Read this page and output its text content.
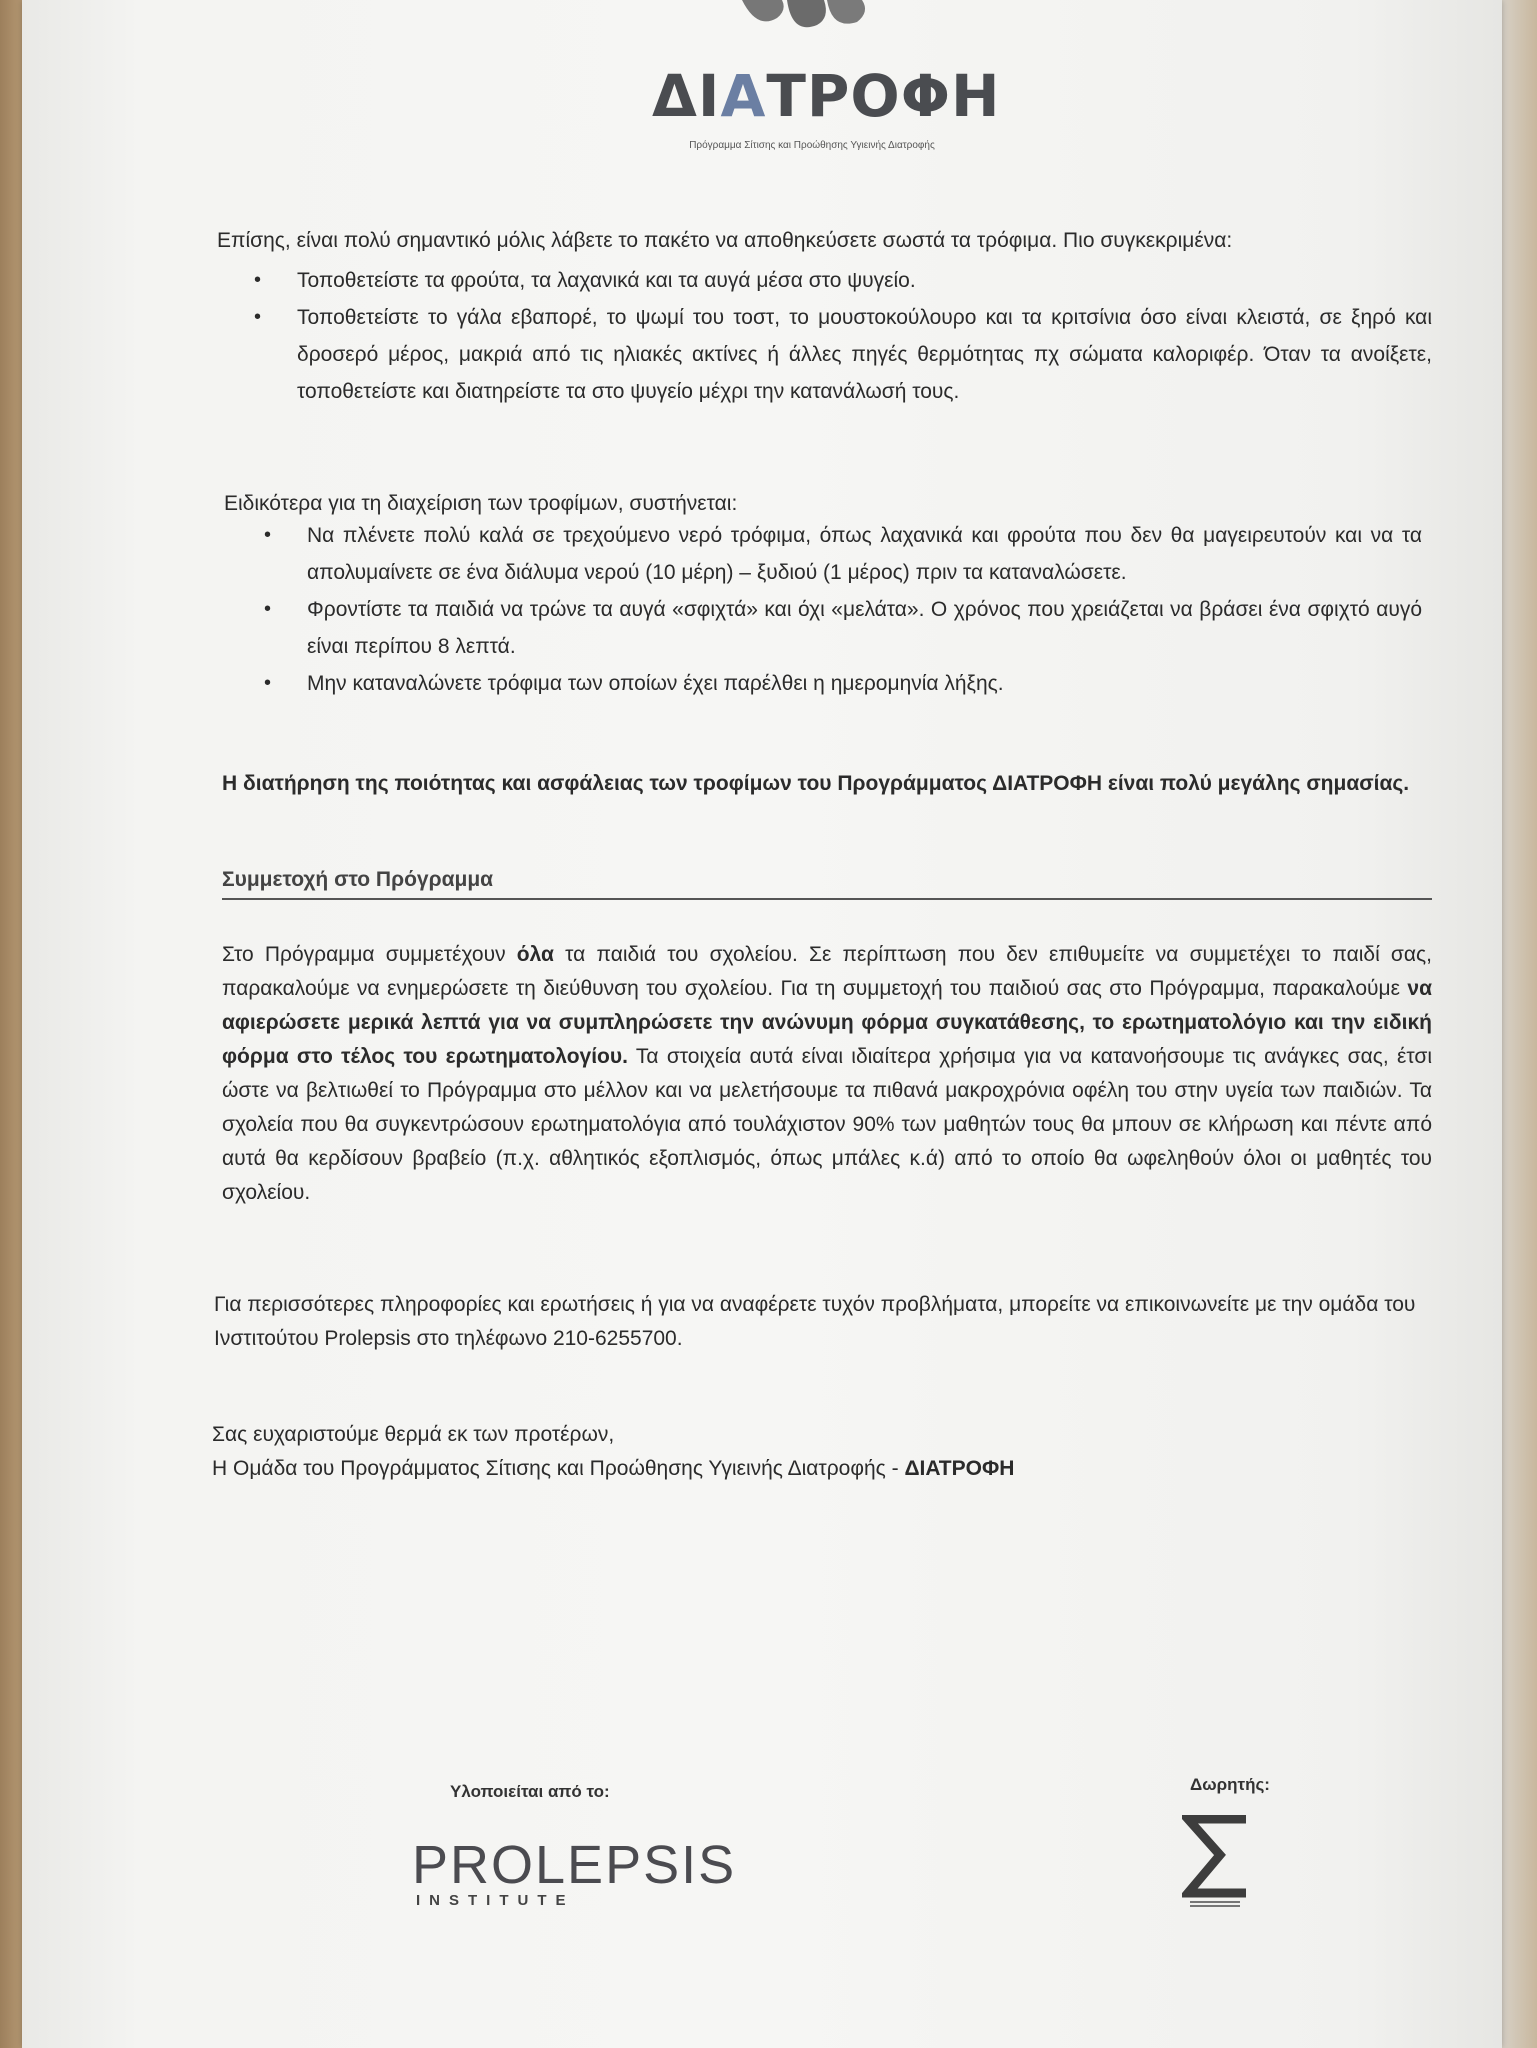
ΔΙΑΤΡΟΦΗ
Πρόγραμμα Σίτισης και Προώθησης Υγιεινής Διατροφής

Επίσης, είναι πολύ σημαντικό μόλις λάβετε το πακέτο να αποθηκεύσετε σωστά τα τρόφιμα. Πιο συγκεκριμένα:

• Τοποθετείστε τα φρούτα, τα λαχανικά και τα αυγά μέσα στο ψυγείο.
• Τοποθετείστε το γάλα εβαπορέ, το ψωμί του τοστ, το μουστοκούλουρο και τα κριτσίνια όσο είναι κλειστά, σε ξηρό και δροσερό μέρος, μακριά από τις ηλιακές ακτίνες ή άλλες πηγές θερμότητας πχ σώματα καλοριφέρ. Όταν τα ανοίξετε, τοποθετείστε και διατηρείστε τα στο ψυγείο μέχρι την κατανάλωσή τους.

Ειδικότερα για τη διαχείριση των τροφίμων, συστήνεται:

• Να πλένετε πολύ καλά σε τρεχούμενο νερό τρόφιμα, όπως λαχανικά και φρούτα που δεν θα μαγειρευτούν και να τα απολυμαίνετε σε ένα διάλυμα νερού (10 μέρη) – ξυδιού (1 μέρος) πριν τα καταναλώσετε.
• Φροντίστε τα παιδιά να τρώνε τα αυγά «σφιχτά» και όχι «μελάτα». Ο χρόνος που χρειάζεται να βράσει ένα σφιχτό αυγό είναι περίπου 8 λεπτά.
• Μην καταναλώνετε τρόφιμα των οποίων έχει παρέλθει η ημερομηνία λήξης.

Η διατήρηση της ποιότητας και ασφάλειας των τροφίμων του Προγράμματος ΔΙΑΤΡΟΦΗ είναι πολύ μεγάλης σημασίας.

Συμμετοχή στο Πρόγραμμα

Στο Πρόγραμμα συμμετέχουν όλα τα παιδιά του σχολείου. Σε περίπτωση που δεν επιθυμείτε να συμμετέχει το παιδί σας, παρακαλούμε να ενημερώσετε τη διεύθυνση του σχολείου. Για τη συμμετοχή του παιδιού σας στο Πρόγραμμα, παρακαλούμε να αφιερώσετε μερικά λεπτά για να συμπληρώσετε την ανώνυμη φόρμα συγκατάθεσης, το ερωτηματολόγιο και την ειδική φόρμα στο τέλος του ερωτηματολογίου. Τα στοιχεία αυτά είναι ιδιαίτερα χρήσιμα για να κατανοήσουμε τις ανάγκες σας, έτσι ώστε να βελτιωθεί το Πρόγραμμα στο μέλλον και να μελετήσουμε τα πιθανά μακροχρόνια οφέλη του στην υγεία των παιδιών. Τα σχολεία που θα συγκεντρώσουν ερωτηματολόγια από τουλάχιστον 90% των μαθητών τους θα μπουν σε κλήρωση και πέντε από αυτά θα κερδίσουν βραβείο (π.χ. αθλητικός εξοπλισμός, όπως μπάλες κ.ά) από το οποίο θα ωφεληθούν όλοι οι μαθητές του σχολείου.

Για περισσότερες πληροφορίες και ερωτήσεις ή για να αναφέρετε τυχόν προβλήματα, μπορείτε να επικοινωνείτε με την ομάδα του Ινστιτούτου Prolepsis στο τηλέφωνο 210-6255700.

Σας ευχαριστούμε θερμά εκ των προτέρων,

Η Ομάδα του Προγράμματος Σίτισης και Προώθησης Υγιεινής Διατροφής - ΔΙΑΤΡΟΦΗ

Υλοποιείται από το:
PROLEPSIS
INSTITUTE
Δωρητής:
